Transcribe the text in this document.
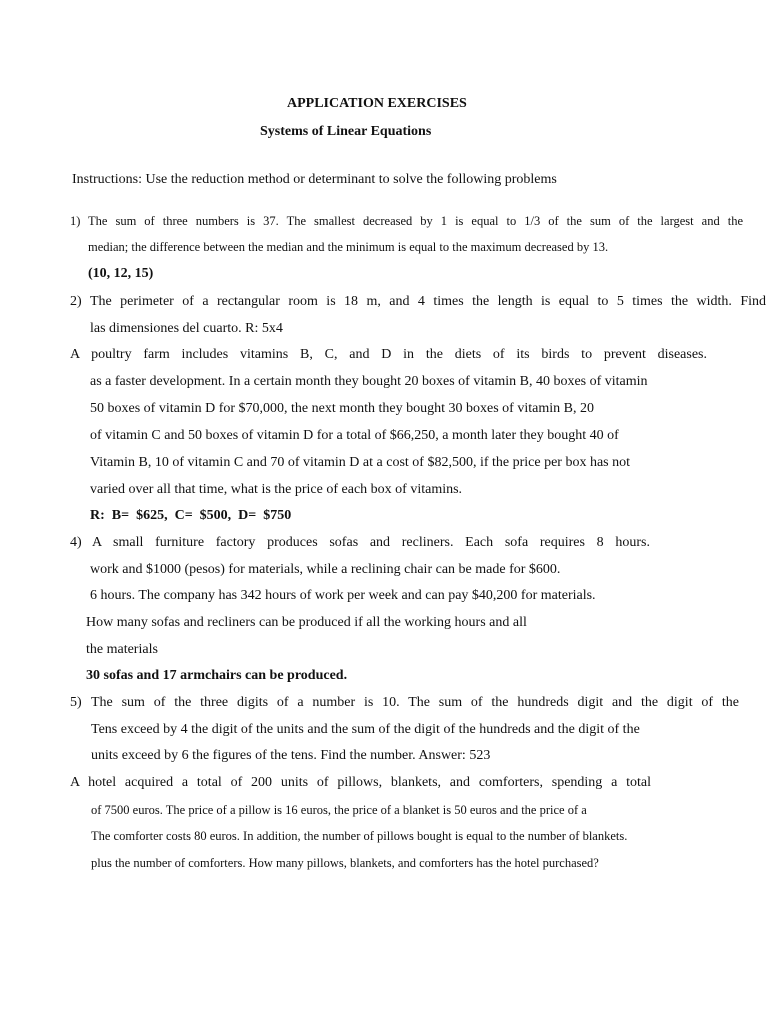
APPLICATION EXERCISES
Systems of Linear Equations
Instructions: Use the reduction method or determinant to solve the following problems
1) The sum of three numbers is 37. The smallest decreased by 1 is equal to 1/3 of the sum of the largest and the
median; the difference between the median and the minimum is equal to the maximum decreased by 13.
(10, 12, 15)
2) The perimeter of a rectangular room is 18 m, and 4 times the length is equal to 5 times the width. Find
las dimensiones del cuarto. R: 5x4
A poultry farm includes vitamins B, C, and D in the diets of its birds to prevent diseases.
as a faster development. In a certain month they bought 20 boxes of vitamin B, 40 boxes of vitamin
50 boxes of vitamin D for $70,000, the next month they bought 30 boxes of vitamin B, 20
of vitamin C and 50 boxes of vitamin D for a total of $66,250, a month later they bought 40 of
Vitamin B, 10 of vitamin C and 70 of vitamin D at a cost of $82,500, if the price per box has not
varied over all that time, what is the price of each box of vitamins.
R:  B=  $625,  C=  $500,  D=  $750
4) A small furniture factory produces sofas and recliners. Each sofa requires 8 hours.
work and $1000 (pesos) for materials, while a reclining chair can be made for $600.
6 hours. The company has 342 hours of work per week and can pay $40,200 for materials.
How many sofas and recliners can be produced if all the working hours and all
the materials
30 sofas and 17 armchairs can be produced.
5) The sum of the three digits of a number is 10. The sum of the hundreds digit and the digit of the
Tens exceed by 4 the digit of the units and the sum of the digit of the hundreds and the digit of the
units exceed by 6 the figures of the tens. Find the number. Answer: 523
A hotel acquired a total of 200 units of pillows, blankets, and comforters, spending a total
of 7500 euros. The price of a pillow is 16 euros, the price of a blanket is 50 euros and the price of a
The comforter costs 80 euros. In addition, the number of pillows bought is equal to the number of blankets.
plus the number of comforters. How many pillows, blankets, and comforters has the hotel purchased?
